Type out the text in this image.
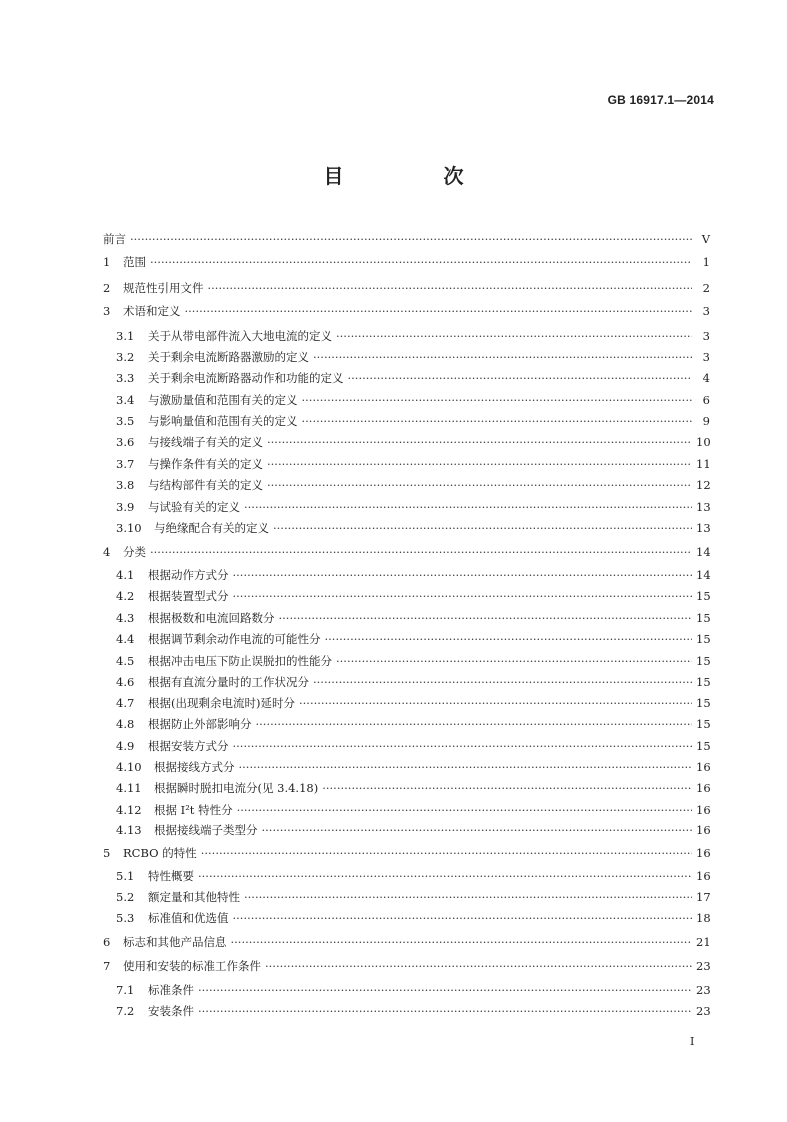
GB 16917.1—2014
目　次
前言 ·····	V
1	范围 ·····	1
2	规范性引用文件 ·····	2
3	术语和定义 ·····	3
3.1	关于从带电部件流入大地电流的定义 ·····	3
3.2	关于剩余电流断路器激励的定义 ·····	3
3.3	关于剩余电流断路器动作和功能的定义 ·····	4
3.4	与激励量值和范围有关的定义 ·····	6
3.5	与影响量值和范围有关的定义 ·····	9
3.6	与接线端子有关的定义 ·····	10
3.7	与操作条件有关的定义 ·····	11
3.8	与结构部件有关的定义 ·····	12
3.9	与试验有关的定义 ·····	13
3.10	与绝缘配合有关的定义 ·····	13
4	分类 ·····	14
4.1	根据动作方式分 ·····	14
4.2	根据装置型式分 ·····	15
4.3	根据极数和电流回路数分 ·····	15
4.4	根据调节剩余动作电流的可能性分 ·····	15
4.5	根据冲击电压下防止误脱扣的性能分 ·····	15
4.6	根据有直流分量时的工作状况分 ·····	15
4.7	根据(出现剩余电流时)延时分 ·····	15
4.8	根据防止外部影响分 ·····	15
4.9	根据安装方式分 ·····	15
4.10	根据接线方式分 ·····	16
4.11	根据瞬时脱扣电流分(见 3.4.18) ·····	16
4.12	根据 I²t 特性分 ·····	16
4.13	根据接线端子类型分 ·····	16
5	RCBO 的特性 ·····	16
5.1	特性概要 ·····	16
5.2	额定量和其他特性 ·····	17
5.3	标准值和优选值 ·····	18
6	标志和其他产品信息 ·····	21
7	使用和安装的标准工作条件 ·····	23
7.1	标准条件 ·····	23
7.2	安装条件 ·····	23
I
